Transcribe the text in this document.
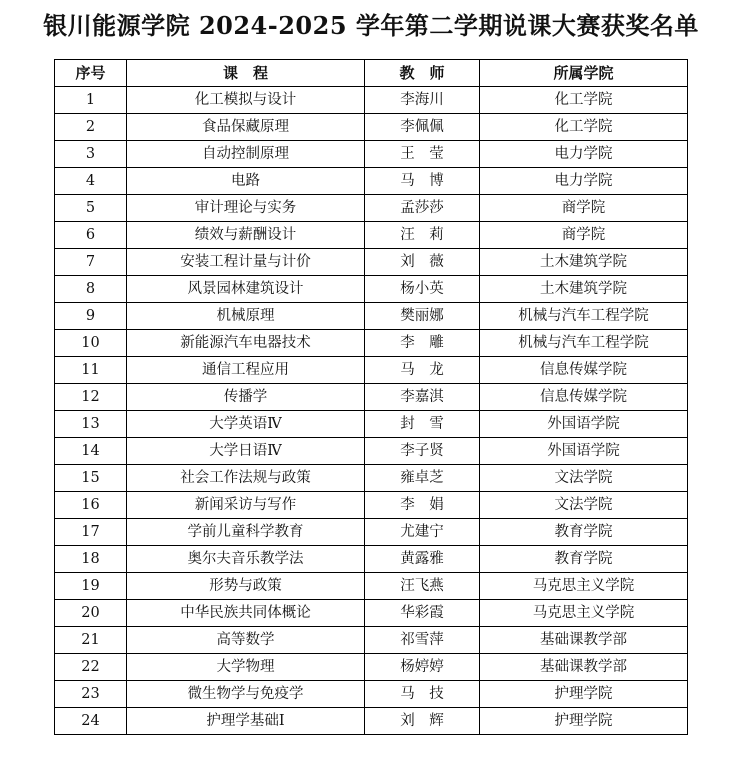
银川能源学院 2024-2025 学年第二学期说课大赛获奖名单
序号	课　程	教　师	所属学院
1	化工模拟与设计	李海川	化工学院
2	食品保藏原理	李佩佩	化工学院
3	自动控制原理	王　莹	电力学院
4	电路	马　博	电力学院
5	审计理论与实务	孟莎莎	商学院
6	绩效与薪酬设计	汪　莉	商学院
7	安装工程计量与计价	刘　薇	土木建筑学院
8	风景园林建筑设计	杨小英	土木建筑学院
9	机械原理	樊丽娜	机械与汽车工程学院
10	新能源汽车电器技术	李　雕	机械与汽车工程学院
11	通信工程应用	马　龙	信息传媒学院
12	传播学	李嘉淇	信息传媒学院
13	大学英语Ⅳ	封　雪	外国语学院
14	大学日语Ⅳ	李子贤	外国语学院
15	社会工作法规与政策	雍卓芝	文法学院
16	新闻采访与写作	李　娟	文法学院
17	学前儿童科学教育	尤建宁	教育学院
18	奥尔夫音乐教学法	黄露雅	教育学院
19	形势与政策	汪飞燕	马克思主义学院
20	中华民族共同体概论	华彩霞	马克思主义学院
21	高等数学	祁雪萍	基础课教学部
22	大学物理	杨婷婷	基础课教学部
23	微生物学与免疫学	马　技	护理学院
24	护理学基础Ⅰ	刘　辉	护理学院
